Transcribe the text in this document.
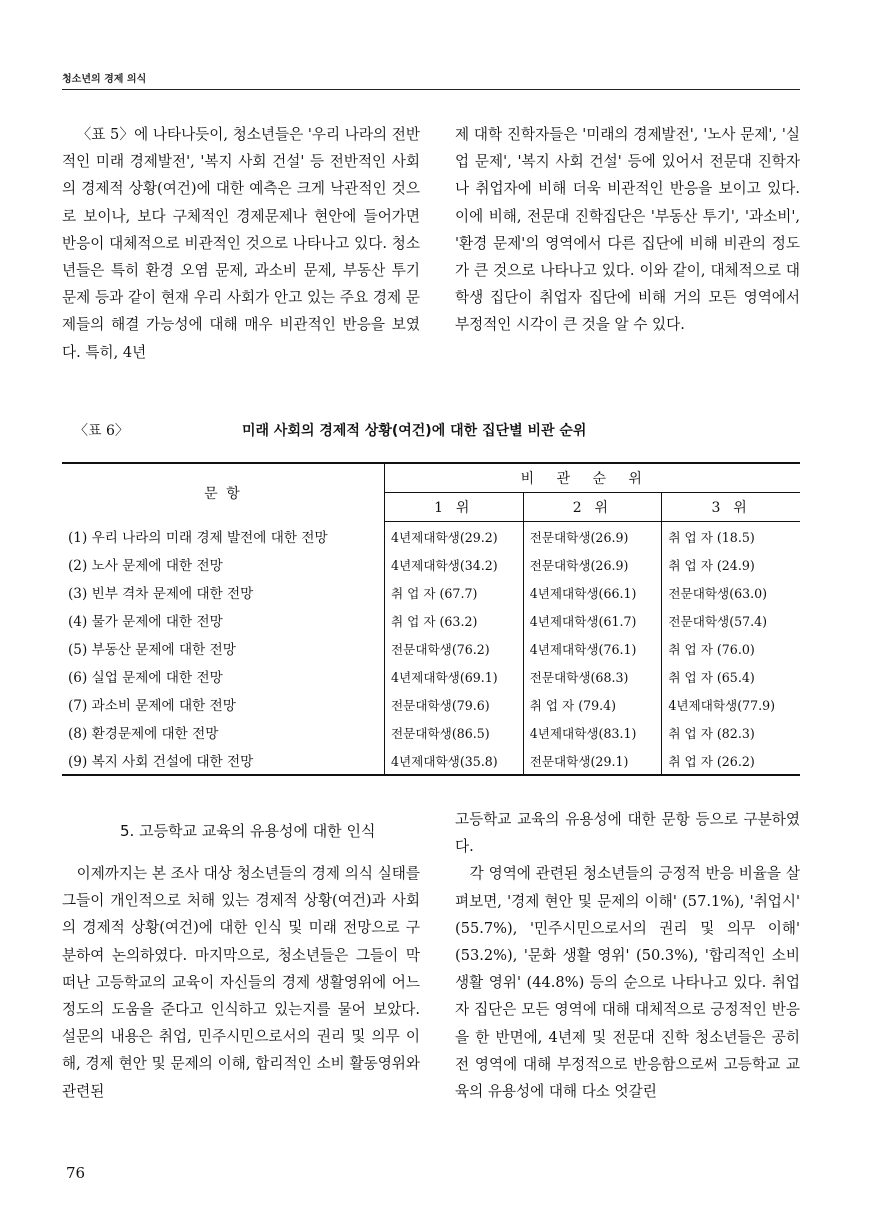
청소년의 경제 의식

〈표 5〉에 나타나듯이, 청소년들은 '우리 나라의 전반적인 미래 경제발전', '복지 사회 건설' 등 전반적인 사회의 경제적 상황(여건)에 대한 예측은 크게 낙관적인 것으로 보이나, 보다 구체적인 경제문제나 현안에 들어가면 반응이 대체적으로 비관적인 것으로 나타나고 있다. 청소년들은 특히 환경 오염 문제, 과소비 문제, 부동산 투기 문제 등과 같이 현재 우리 사회가 안고 있는 주요 경제 문제들의 해결 가능성에 대해 매우 비관적인 반응을 보였다. 특히, 4년

제 대학 진학자들은 '미래의 경제발전', '노사 문제', '실업 문제', '복지 사회 건설' 등에 있어서 전문대 진학자나 취업자에 비해 더욱 비관적인 반응을 보이고 있다. 이에 비해, 전문대 진학집단은 '부동산 투기', '과소비', '환경 문제'의 영역에서 다른 집단에 비해 비관의 정도가 큰 것으로 나타나고 있다. 이와 같이, 대체적으로 대학생 집단이 취업자 집단에 비해 거의 모든 영역에서 부정적인 시각이 큰 것을 알 수 있다.

〈표 6〉	미래 사회의 경제적 상황(여건)에 대한 집단별 비관 순위
문 항	비관순위		
	1 위	2 위	3 위
(1) 우리 나라의 미래 경제 발전에 대한 전망	4년제대학생(29.2)	전문대학생(26.9)	취 업 자 (18.5)
(2) 노사 문제에 대한 전망	4년제대학생(34.2)	전문대학생(26.9)	취 업 자 (24.9)
(3) 빈부 격차 문제에 대한 전망	취 업 자 (67.7)	4년제대학생(66.1)	전문대학생(63.0)
(4) 물가 문제에 대한 전망	취 업 자 (63.2)	4년제대학생(61.7)	전문대학생(57.4)
(5) 부동산 문제에 대한 전망	전문대학생(76.2)	4년제대학생(76.1)	취 업 자 (76.0)
(6) 실업 문제에 대한 전망	4년제대학생(69.1)	전문대학생(68.3)	취 업 자 (65.4)
(7) 과소비 문제에 대한 전망	전문대학생(79.6)	취 업 자 (79.4)	4년제대학생(77.9)
(8) 환경문제에 대한 전망	전문대학생(86.5)	4년제대학생(83.1)	취 업 자 (82.3)
(9) 복지 사회 건설에 대한 전망	4년제대학생(35.8)	전문대학생(29.1)	취 업 자 (26.2)
5. 고등학교 교육의 유용성에 대한 인식

이제까지는 본 조사 대상 청소년들의 경제 의식 실태를 그들이 개인적으로 처해 있는 경제적 상황(여건)과 사회의 경제적 상황(여건)에 대한 인식 및 미래 전망으로 구분하여 논의하였다. 마지막으로, 청소년들은 그들이 막 떠난 고등학교의 교육이 자신들의 경제 생활영위에 어느 정도의 도움을 준다고 인식하고 있는지를 물어 보았다. 설문의 내용은 취업, 민주시민으로서의 권리 및 의무 이해, 경제 현안 및 문제의 이해, 합리적인 소비 활동영위와 관련된

고등학교 교육의 유용성에 대한 문항 등으로 구분하였다.

각 영역에 관련된 청소년들의 긍정적 반응 비율을 살펴보면, '경제 현안 및 문제의 이해' (57.1%), '취업시' (55.7%), '민주시민으로서의 권리 및 의무 이해' (53.2%), '문화 생활 영위' (50.3%), '합리적인 소비 생활 영위' (44.8%) 등의 순으로 나타나고 있다. 취업자 집단은 모든 영역에 대해 대체적으로 긍정적인 반응을 한 반면에, 4년제 및 전문대 진학 청소년들은 공히 전 영역에 대해 부정적으로 반응함으로써 고등학교 교육의 유용성에 대해 다소 엇갈린

76
